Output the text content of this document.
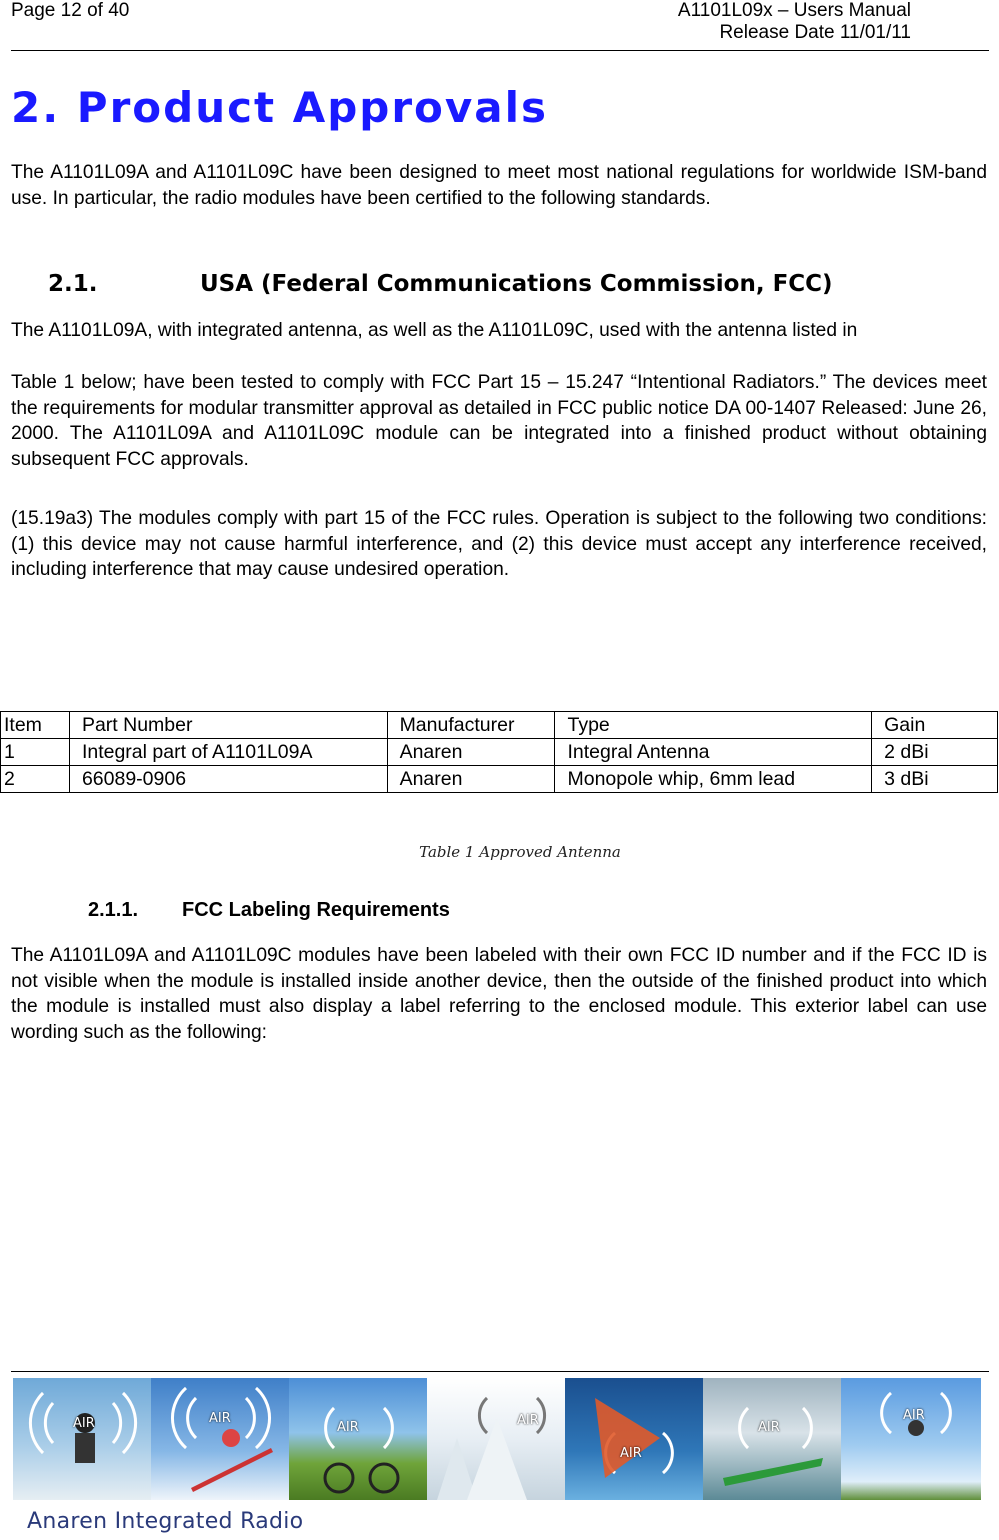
Page 12 of 40	A1101L09x – Users Manual
Release Date 11/01/11
2. Product Approvals

The A1101L09A and A1101L09C have been designed to meet most national regulations for worldwide ISM-band use. In particular, the radio modules have been certified to the following standards.

2.1.	USA (Federal Communications Commission, FCC)

The A1101L09A, with integrated antenna, as well as the A1101L09C, used with the antenna listed in

Table 1 below; have been tested to comply with FCC Part 15 – 15.247 “Intentional Radiators.” The devices meet the requirements for modular transmitter approval as detailed in FCC public notice DA 00-1407 Released: June 26, 2000. The A1101L09A and A1101L09C module can be integrated into a finished product without obtaining subsequent FCC approvals.

(15.19a3) The modules comply with part 15 of the FCC rules. Operation is subject to the following two conditions: (1) this device may not cause harmful interference, and (2) this device must accept any interference received, including interference that may cause undesired operation.

Item	Part Number	Manufacturer	Type	Gain
1	Integral part of A1101L09A	Anaren	Integral Antenna	2 dBi
2	66089-0906	Anaren	Monopole whip, 6mm lead	3 dBi
Table 1 Approved Antenna
2.1.1. FCC Labeling Requirements

The A1101L09A and A1101L09C modules have been labeled with their own FCC ID number and if the FCC ID is not visible when the module is installed inside another device, then the outside of the finished product into which the module is installed must also display a label referring to the enclosed module. This exterior label can use wording such as the following:

AIR	AIR
AIR	AIR
AIR
AIR
AIR
Anaren Integrated Radio
